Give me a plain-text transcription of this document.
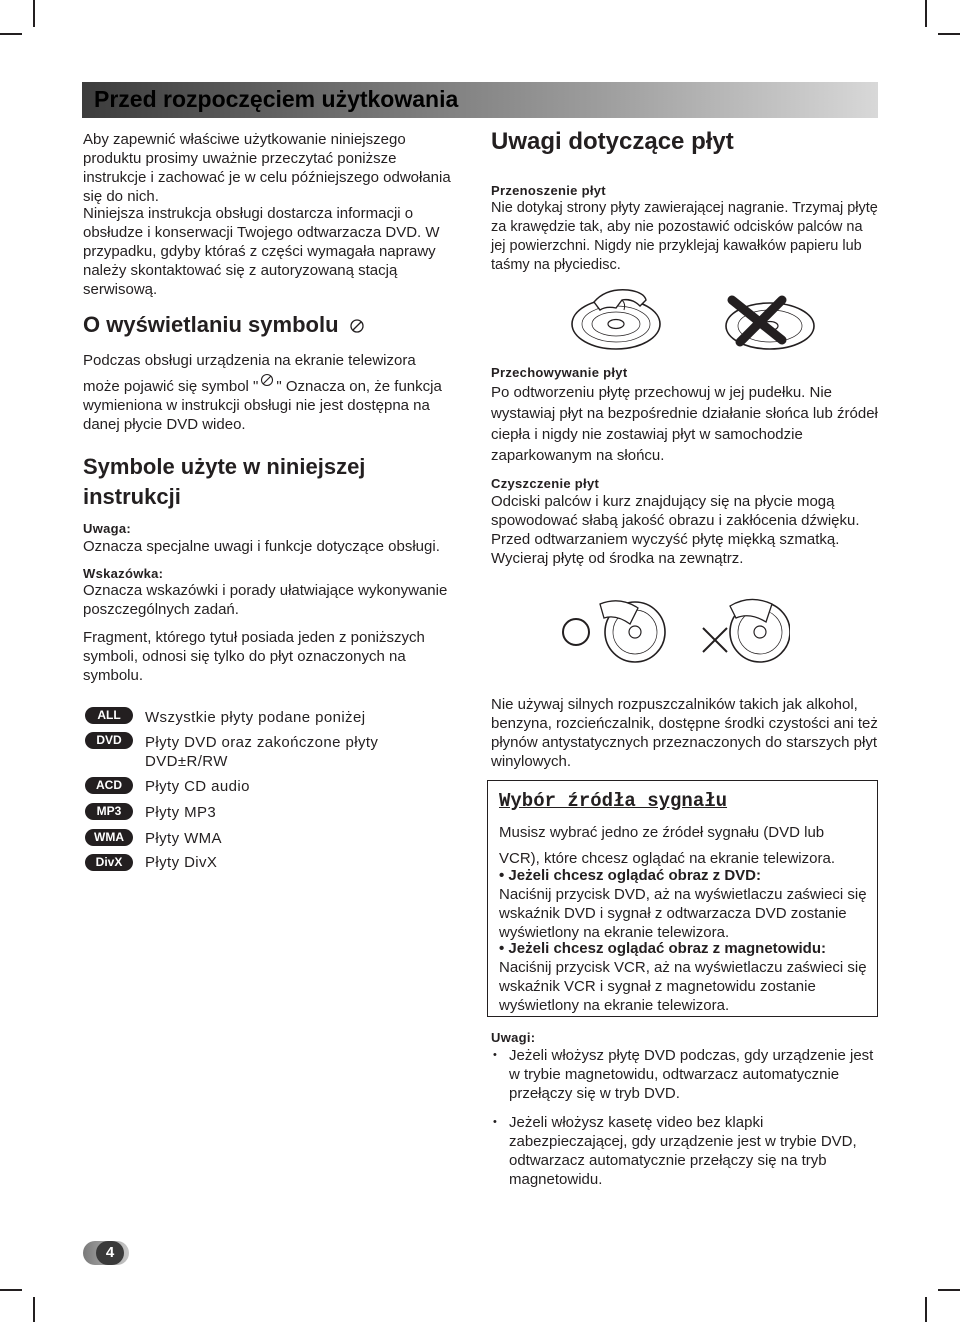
Przed rozpoczęciem użytkowania

Aby zapewnić właściwe użytkowanie niniejszego produktu prosimy uważnie przeczytać poniższe instrukcje i zachować je w celu późniejszego odwołania się do nich.

Niniejsza instrukcja obsługi dostarcza informacji o obsłudze i konserwacji Twojego odtwarzacza DVD. W przypadku, gdyby któraś z części wymagała naprawy należy skontaktować się z autoryzowaną stacją serwisową.

O wyświetlaniu symbolu

Podczas obsługi urządzenia na ekranie telewizora

może pojawić się symbol " " Oznacza on, że funkcja

wymieniona w instrukcji obsługi nie jest dostępna na danej płycie DVD wideo.

Symbole użyte w niniejszej
instrukcji
Uwaga:

Oznacza specjalne uwagi i funkcje dotyczące obsługi.

Wskazówka:

Oznacza wskazówki i porady ułatwiające wykonywanie poszczególnych zadań.

Fragment, którego tytuł posiada jeden z poniższych symboli, odnosi się tylko do płyt oznaczonych na symbolu.

ALL Wszystkie płyty podane poniżej
DVD Płyty DVD oraz zakończone płyty DVD±R/RW
ACD Płyty CD audio
MP3 Płyty MP3
WMA Płyty WMA
DivX Płyty DivX
Uwagi dotyczące płyt
Przenoszenie płyt

Nie dotykaj strony płyty zawierającej nagranie. Trzymaj płytę za krawędzie tak, aby nie pozostawić odcisków palców na jej powierzchni. Nigdy nie przyklejaj kawałków papieru lub taśmy na płyciedisc.

Przechowywanie płyt

Po odtworzeniu płytę przechowuj w jej pudełku. Nie wystawiaj płyt na bezpośrednie działanie słońca lub źródeł ciepła i nigdy nie zostawiaj płyt w samochodzie zaparkowanym na słońcu.

Czyszczenie płyt

Odciski palców i kurz znajdujący się na płycie mogą spowodować słabą jakość obrazu i zakłócenia dźwięku. Przed odtwarzaniem wyczyść płytę miękką szmatką. Wycieraj płytę od środka na zewnątrz.

Nie używaj silnych rozpuszczalników takich jak alkohol, benzyna, rozcieńczalnik, dostępne środki czystości ani też płynów antystatycznych przeznaczonych do starszych płyt winylowych.

Wybór źródła sygnału

Musisz wybrać jedno ze źródeł sygnału (DVD lub VCR), które chcesz oglądać na ekranie telewizora.

• Jeżeli chcesz oglądać obraz z DVD:
Naciśnij przycisk DVD, aż na wyświetlaczu zaświeci się wskaźnik DVD i sygnał z odtwarzacza DVD zostanie wyświetlony na ekranie telewizora.
• Jeżeli chcesz oglądać obraz z magnetowidu:
Naciśnij przycisk VCR, aż na wyświetlaczu zaświeci się wskaźnik VCR i sygnał z magnetowidu zostanie wyświetlony na ekranie telewizora.
Uwagi:
• Jeżeli włożysz płytę DVD podczas, gdy urządzenie jest w trybie magnetowidu, odtwarzacz automatycznie przełączy się w tryb DVD.
• Jeżeli włożysz kasetę video bez klapki zabezpieczającej, gdy urządzenie jest w trybie DVD, odtwarzacz automatycznie przełączy się na tryb magnetowidu.
4
